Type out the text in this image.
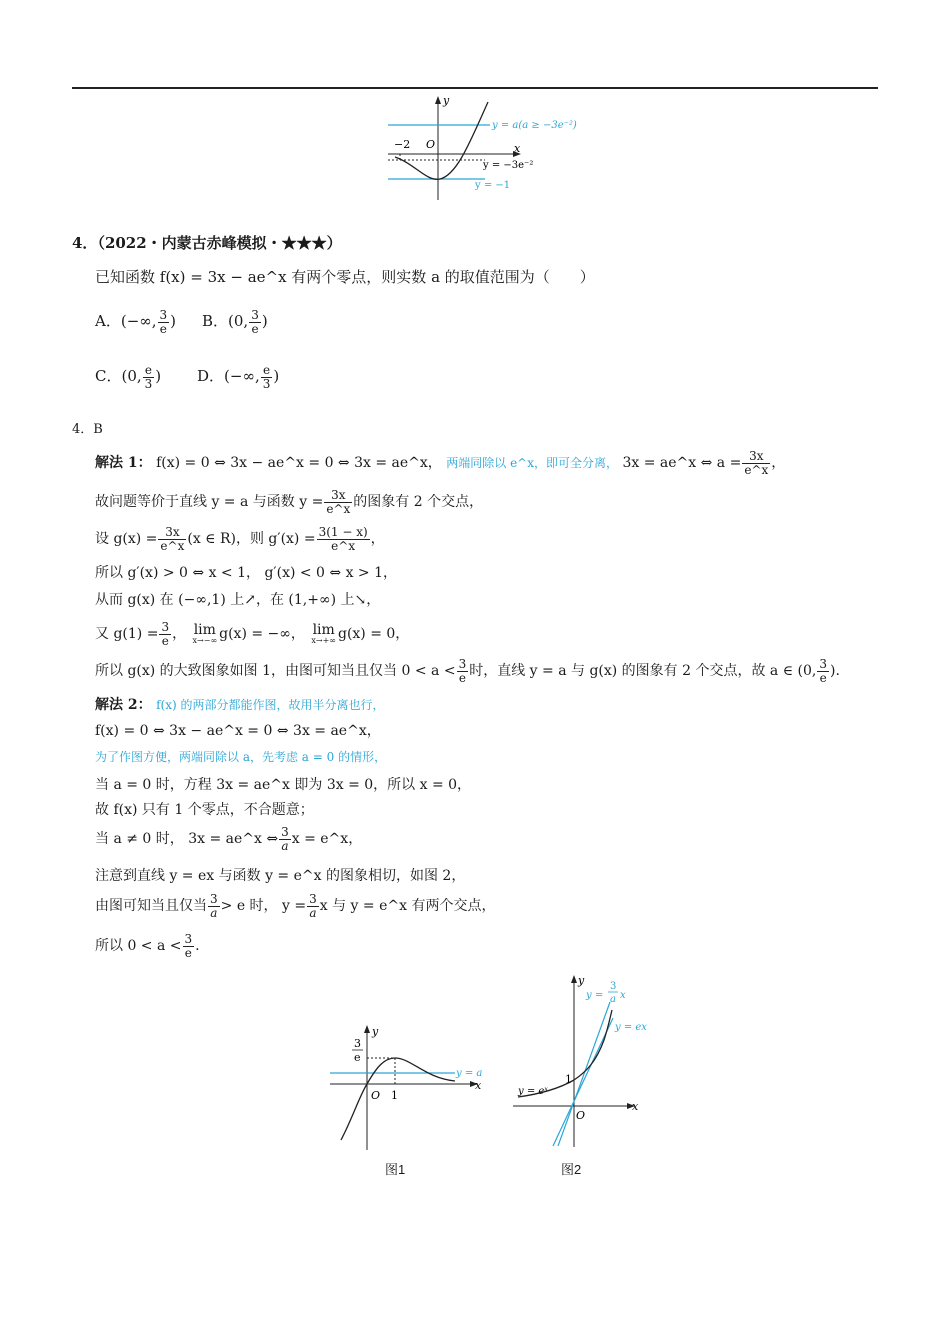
y
x
O
−2
y = a(a ≥ −3e⁻²)
y = −3e⁻²
y = −1
4．（2022・内蒙古赤峰模拟・★★★）
已知函数 f(x) = 3x − ae^x 有两个零点，则实数 a 的取值范围为（　　）
A．(−∞, $\frac{3}{e}$ ) B．(0, $\frac{3}{e}$ )
C．(0, $\frac{e}{3}$ ) D．(−∞, $\frac{e}{3}$ )
4．B
解法 1： f(x) = 0 ⇔ 3x − ae^x = 0 ⇔ 3x = ae^x， 两端同除以 e^x，即可全分离， 3x = ae^x ⇔ $a = \frac{3x}{e\^{}x}$ ，
故问题等价于直线 y = a 与函数 $y = \frac{3x}{e\^{}x}$ 的图象有 2 个交点，
设 $g(x) = \frac{3x}{e\^{}x} (x$ ∈ R)，则 $g'(x) = \frac{3(1 - x)}{e\^{}x}$ ，
所以 g′(x) > 0 ⇔ x < 1， g′(x) < 0 ⇔ x > 1，
从而 g(x) 在 (−∞,1) 上↗，在 (1,+∞) 上↘，
又 $g(1) = \frac{3}{e}$ ， lim
x→−∞ g(x) = −∞， lim
x→+∞ g(x) = 0，
所以 g(x) 的大致图象如图 1，由图可知当且仅当 $0 < a < \frac{3}{e}$ 时，直线 y = a 与 g(x) 的图象有 2 个交点，故 a ∈ (0, $\frac{3}{e}$ ).
解法 2： f(x) 的两部分都能作图，故用半分离也行，
f(x) = 0 ⇔ 3x − ae^x = 0 ⇔ 3x = ae^x，
为了作图方便，两端同除以 a，先考虑 a = 0 的情形，
当 a = 0 时，方程 3x = ae^x 即为 3x = 0，所以 x = 0，
故 f(x) 只有 1 个零点，不合题意；
当 a ≠ 0 时， 3x = ae^x ⇔ $\frac{3}{a}$ x = e^x，
注意到直线 y = ex 与函数 y = e^x 的图象相切，如图 2，
由图可知当且仅当 $\frac{3}{a} > e$ 时， $y = \frac{3}{a}$ x 与 y = e^x 有两个交点，
所以 $0 < a < \frac{3}{e}$ .
y
x
O 1
3
e
y = a
图1
y
x
O
1
y = eˣ
y = ex
y =
3
a x
图2
